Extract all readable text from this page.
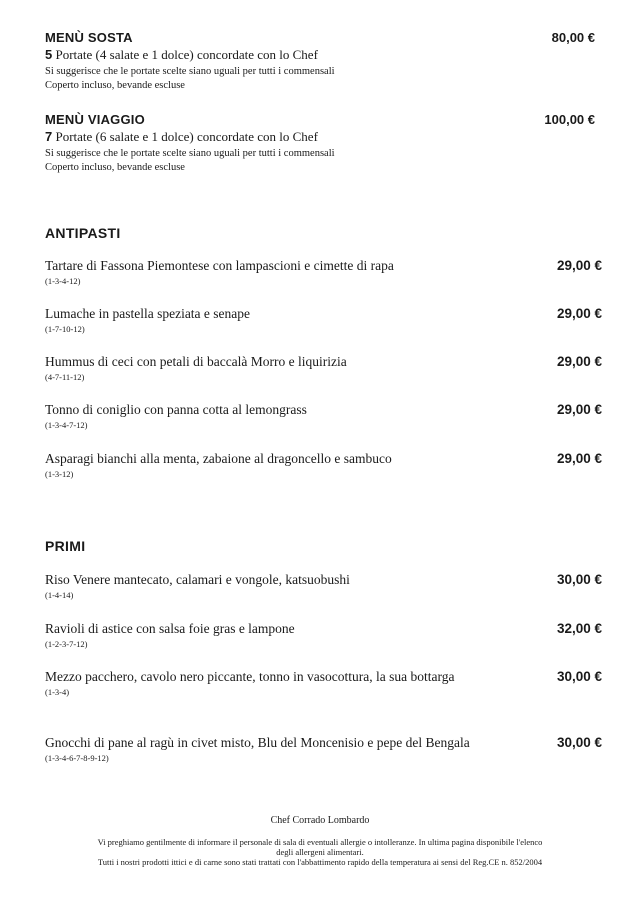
MENÙ SOSTA	80,00 €
5 Portate (4 salate e 1 dolce) concordate con lo Chef
Si suggerisce che le portate scelte siano uguali per tutti i commensali
Coperto incluso, bevande escluse
MENÙ VIAGGIO	100,00 €
7 Portate (6 salate e 1 dolce) concordate con lo Chef
Si suggerisce che le portate scelte siano uguali per tutti i commensali
Coperto incluso, bevande escluse
ANTIPASTI
Tartare di Fassona Piemontese con lampascioni e cimette di rapa
(1-3-4-12)
29,00 €
Lumache in pastella speziata e senape
(1-7-10-12)
29,00 €
Hummus di ceci con petali di baccalà Morro e liquirizia
(4-7-11-12)
29,00 €
Tonno di coniglio con panna cotta al lemongrass
(1-3-4-7-12)
29,00 €
Asparagi bianchi alla menta, zabaione al dragoncello e sambuco
(1-3-12)
29,00 €
PRIMI
Riso Venere mantecato, calamari e vongole, katsuobushi
(1-4-14)
30,00 €
Ravioli di astice con salsa foie gras e lampone
(1-2-3-7-12)
32,00 €
Mezzo pacchero, cavolo nero piccante, tonno in vasocottura, la sua bottarga
(1-3-4)
30,00 €
Gnocchi di pane al ragù in civet misto, Blu del Moncenisio e pepe del Bengala
(1-3-4-6-7-8-9-12)
30,00 €
Chef Corrado Lombardo
Vi preghiamo gentilmente di informare il personale di sala di eventuali allergie o intolleranze. In ultima pagina disponibile l'elenco
degli allergeni alimentari.
Tutti i nostri prodotti ittici e di carne sono stati trattati con l'abbattimento rapido della temperatura ai sensi del Reg.CE n. 852/2004
